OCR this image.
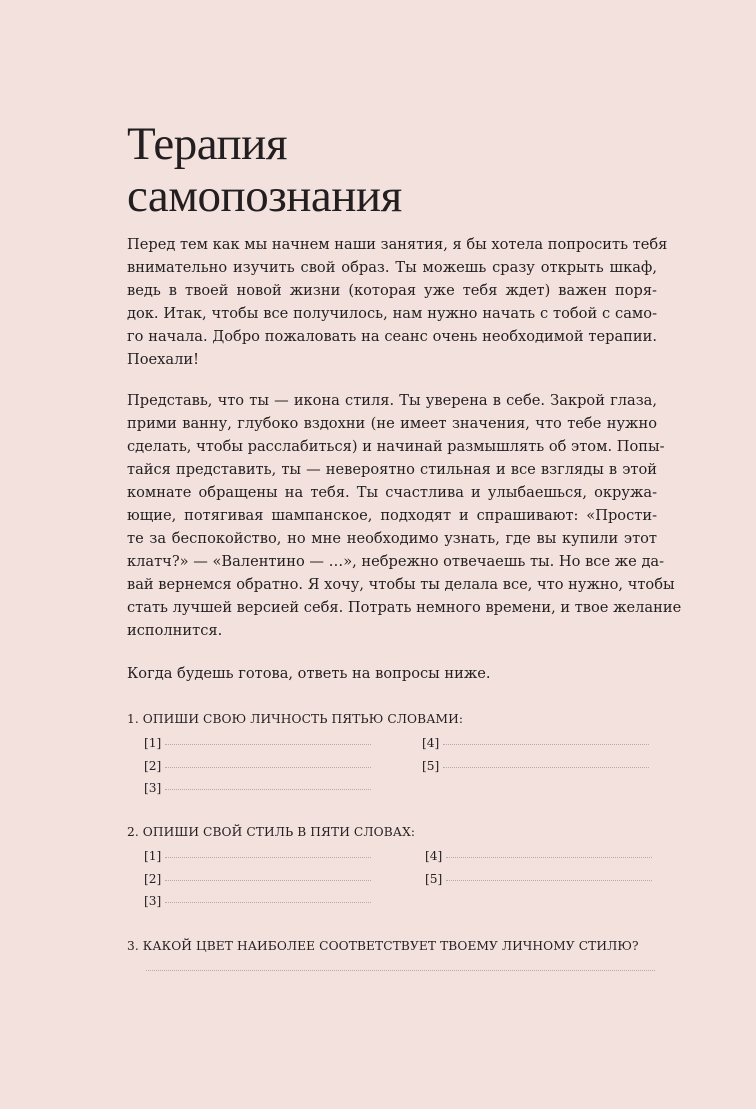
Терапия
самопознания

Перед тем как мы начнем наши занятия, я бы хотела попросить тебя
внимательно изучить свой образ. Ты можешь сразу открыть шкаф,
ведь в твоей новой жизни (которая уже тебя ждет) важен поря-
док. Итак, чтобы все получилось, нам нужно начать с тобой с само-
го начала. Добро пожаловать на сеанс очень необходимой терапии.
Поехали!

Представь, что ты — икона стиля. Ты уверена в себе. Закрой глаза,
прими ванну, глубоко вздохни (не имеет значения, что тебе нужно
сделать, чтобы расслабиться) и начинай размышлять об этом. Попы-
тайся представить, ты — невероятно стильная и все взгляды в этой
комнате обращены на тебя. Ты счастлива и улыбаешься, окружа-
ющие, потягивая шампанское, подходят и спрашивают: «Прости-
те за беспокойство, но мне необходимо узнать, где вы купили этот
клатч?» — «Валентино — …», небрежно отвечаешь ты. Но все же да-
вай вернемся обратно. Я хочу, чтобы ты делала все, что нужно, чтобы
стать лучшей версией себя. Потрать немного времени, и твое желание
исполнится.

Когда будешь готова, ответь на вопросы ниже.

1. ОПИШИ СВОЮ ЛИЧНОСТЬ ПЯТЬЮ СЛОВАМИ:
[1]
[2]
[3]
[4]
[5]
2. ОПИШИ СВОЙ СТИЛЬ В ПЯТИ СЛОВАХ:
[1]
[2]
[3]
[4]
[5]
3. КАКОЙ ЦВЕТ НАИБОЛЕЕ СООТВЕТСТВУЕТ ТВОЕМУ ЛИЧНОМУ СТИЛЮ?
